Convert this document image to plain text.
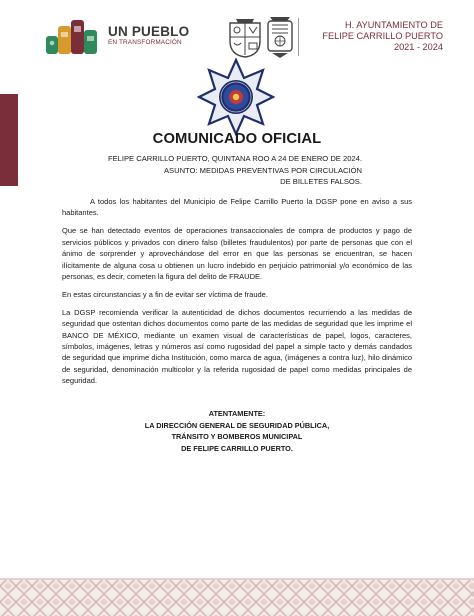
UN PUEBLO
EN TRANSFORMACIÓN
H. AYUNTAMIENTO DE
FELIPE CARRILLO PUERTO
2021 - 2024
COMUNICADO OFICIAL
FELIPE CARRILLO PUERTO, QUINTANA ROO A 24 DE ENERO DE 2024.
ASUNTO: MEDIDAS PREVENTIVAS POR CIRCULACIÓN
DE BILLETES FALSOS.

A todos los habitantes del Municipio de Felipe Carrillo Puerto la DGSP pone en aviso a sus habitantes.

Que se han detectado eventos de operaciones transaccionales de compra de productos y pago de servicios públicos y privados con dinero falso (billetes fraudulentos) por parte de personas que con el ánimo de sorprender y aprovechándose del error en que las personas se encuentran, se hacen ilícitamente de alguna cosa u obtienen un lucro indebido en perjuicio patrimonial y/o económico de las personas, es decir, cometen la figura del delito de FRAUDE.

En estas circunstancias y a fin de evitar ser víctima de fraude.

La DGSP recomienda verificar la autenticidad de dichos documentos recurriendo a las medidas de seguridad que ostentan dichos documentos como parte de las medidas de seguridad que les imprime el BANCO DE MÉXICO, mediante un examen visual de características de papel, logos, caracteres, símbolos, imágenes, letras y números así como rugosidad del papel a simple tacto y demás candados de seguridad que imprime dicha Institución, como marca de agua, (imágenes a contra luz), hilo dinámico de seguridad, denominación multicolor y la referida rugosidad de papel como medidas principales de seguridad.

ATENTAMENTE:
LA DIRECCIÓN GENERAL DE SEGURIDAD PÚBLICA,
TRÁNSITO Y BOMBEROS MUNICIPAL
DE FELIPE CARRILLO PUERTO.
